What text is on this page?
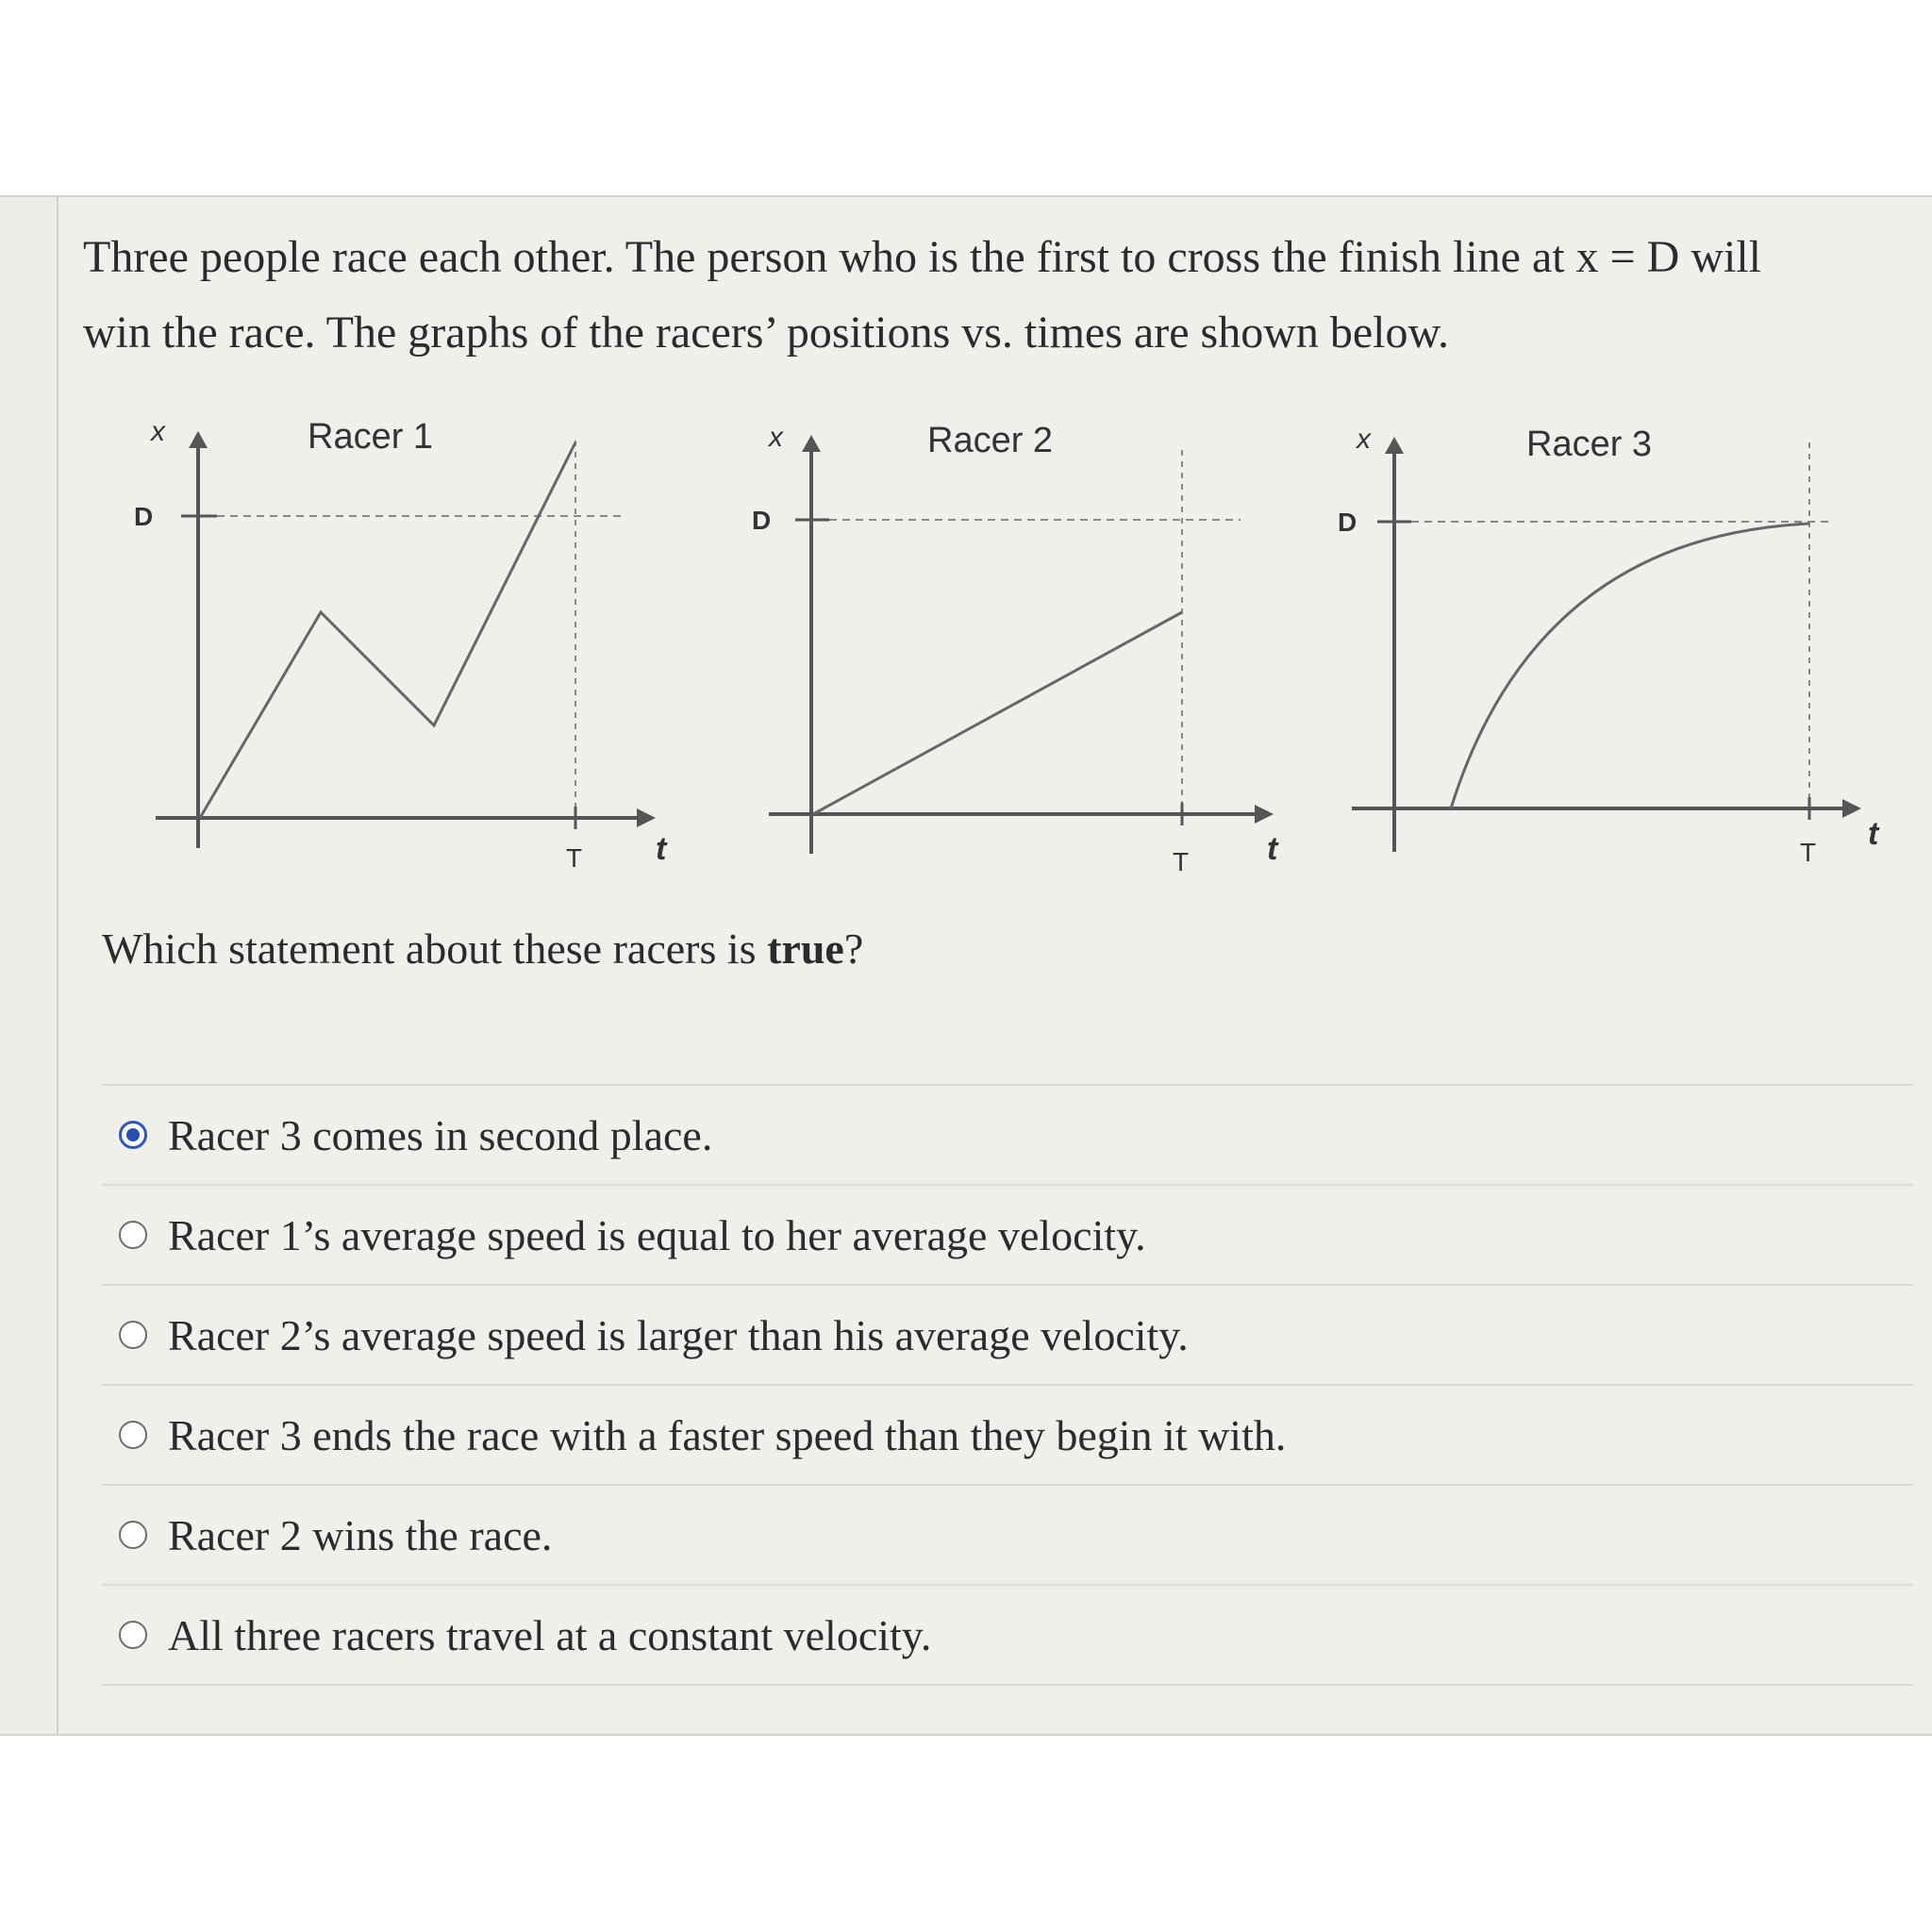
Three people race each other. The person who is the first to cross the finish line at x = D will
win the race. The graphs of the racers’ positions vs. times are shown below.
x	Racer 1
D
T t
x	Racer 2
D
T t
x	Racer 3
D
T
t
Which statement about these racers is true?
Racer 3 comes in second place.
Racer 1’s average speed is equal to her average velocity.
Racer 2’s average speed is larger than his average velocity.
Racer 3 ends the race with a faster speed than they begin it with.
Racer 2 wins the race.
All three racers travel at a constant velocity.
